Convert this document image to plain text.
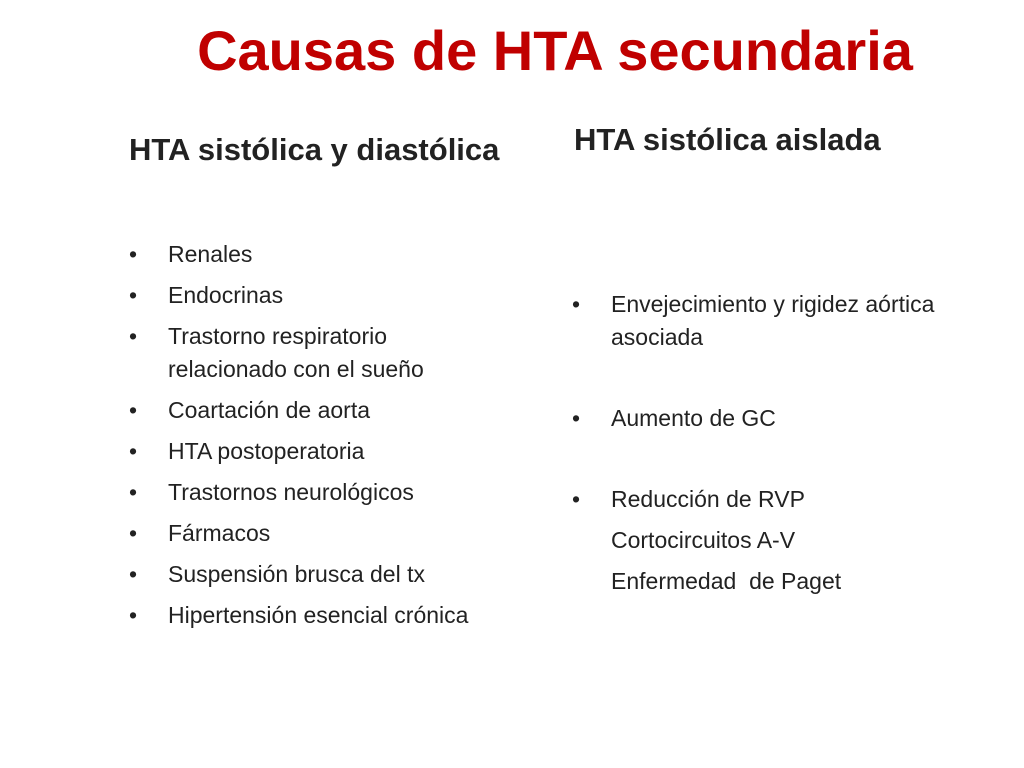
Causas de HTA secundaria
HTA sistólica y diastólica HTA sistólica aislada
• Renales
• Endocrinas
• Trastorno respiratorio relacionado con el sueño
• Coartación de aorta
• HTA postoperatoria
• Trastornos neurológicos
• Fármacos
• Suspensión brusca del tx
• Hipertensión esencial crónica
• Envejecimiento y rigidez aórtica asociada
• Aumento de GC
• Reducción de RVP
Cortocircuitos A-V
Enfermedad  de Paget
